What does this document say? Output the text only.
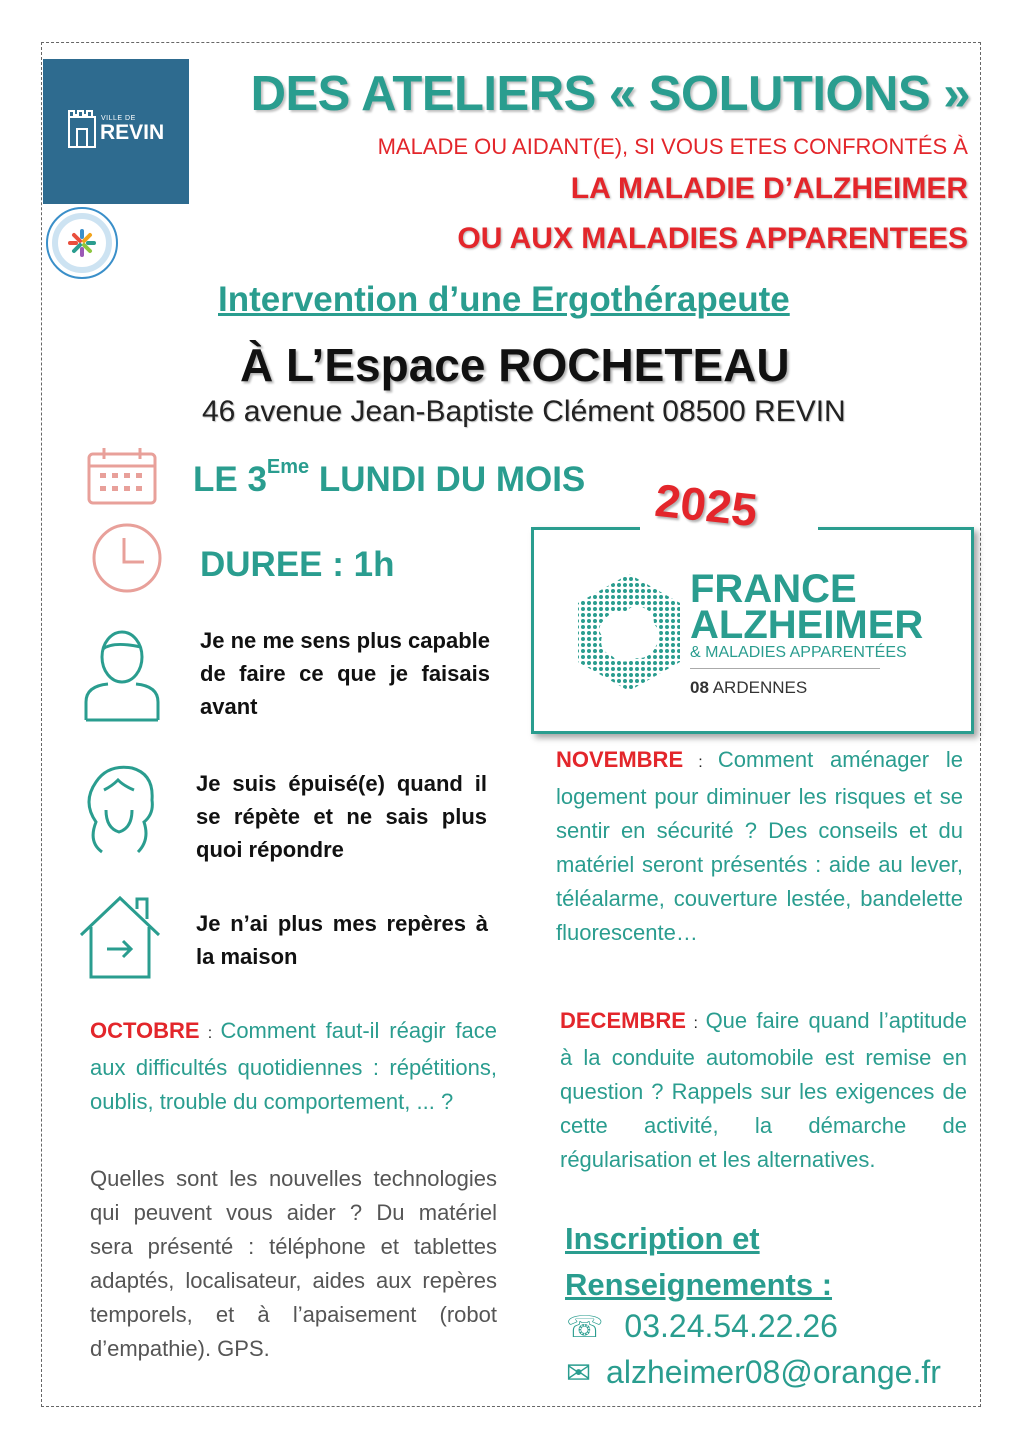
VILLE DE
REVIN
DES ATELIERS « SOLUTIONS »
MALADE OU AIDANT(E), SI VOUS ETES CONFRONTÉS À
LA MALADIE D’ALZHEIMER
OU AUX MALADIES APPARENTEES
Intervention d’une Ergothérapeute
À L’Espace ROCHETEAU
46 avenue Jean-Baptiste Clément 08500 REVIN
LE 3Eme LUNDI DU MOIS
DUREE : 1h
FRANCE
ALZHEIMER
& MALADIES APPARENTÉES
08 ARDENNES
2025
Je ne me sens plus capable de faire ce que je faisais avant
Je suis épuisé(e) quand il se répète et ne sais plus quoi répondre
Je n’ai plus mes repères à la maison
OCTOBRE : Comment faut-il réagir face aux difficultés quotidiennes : répétitions, oublis, trouble du comportement, ... ?
Quelles sont les nouvelles technologies qui peuvent vous aider ? Du matériel sera présenté : téléphone et tablettes adaptés, localisateur, aides aux repères temporels, et à l’apaisement (robot d’empathie). GPS.
NOVEMBRE : Comment aménager le logement pour diminuer les risques et se sentir en sécurité ? Des conseils et du matériel seront présentés : aide au lever, téléalarme, couverture lestée, bandelette fluorescente…
DECEMBRE : Que faire quand l’aptitude à la conduite automobile est remise en question ? Rappels sur les exigences de cette activité, la démarche de régularisation et les alternatives.
Inscription et
Renseignements :
☏ 03.24.54.22.26
✉ alzheimer08@orange.fr
